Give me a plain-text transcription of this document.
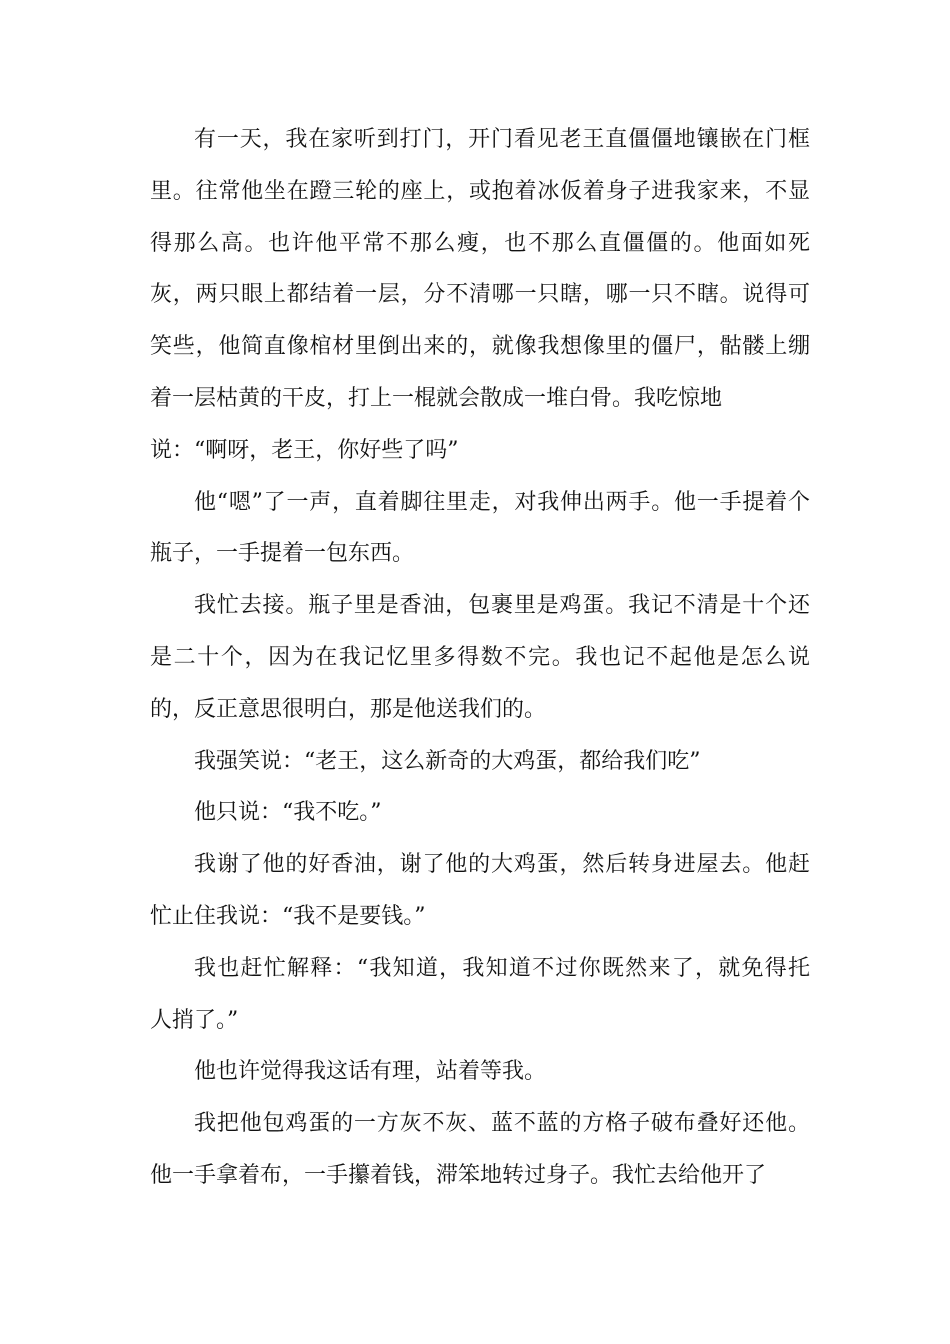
有一天，我在家听到打门，开门看见老王直僵僵地镶嵌在门框
里。往常他坐在蹬三轮的座上，或抱着冰仮着身子进我家来，不显
得那么高。也许他平常不那么瘦，也不那么直僵僵的。他面如死
灰，两只眼上都结着一层，分不清哪一只瞎，哪一只不瞎。说得可
笑些，他简直像棺材里倒出来的，就像我想像里的僵尸，骷髅上绷
着一层枯黄的干皮，打上一棍就会散成一堆白骨。我吃惊地
说：“啊呀，老王，你好些了吗”
他“嗯”了一声，直着脚往里走，对我伸出两手。他一手提着个
瓶子，一手提着一包东西。
我忙去接。瓶子里是香油，包裹里是鸡蛋。我记不清是十个还
是二十个，因为在我记忆里多得数不完。我也记不起他是怎么说
的，反正意思很明白，那是他送我们的。
我强笑说：“老王，这么新奇的大鸡蛋，都给我们吃”
他只说：“我不吃。”
我谢了他的好香油，谢了他的大鸡蛋，然后转身进屋去。他赶
忙止住我说：“我不是要钱。”
我也赶忙解释：“我知道，我知道不过你既然来了，就免得托
人捎了。”
他也许觉得我这话有理，站着等我。
我把他包鸡蛋的一方灰不灰、蓝不蓝的方格子破布叠好还他。
他一手拿着布，一手攥着钱，滞笨地转过身子。我忙去给他开了
